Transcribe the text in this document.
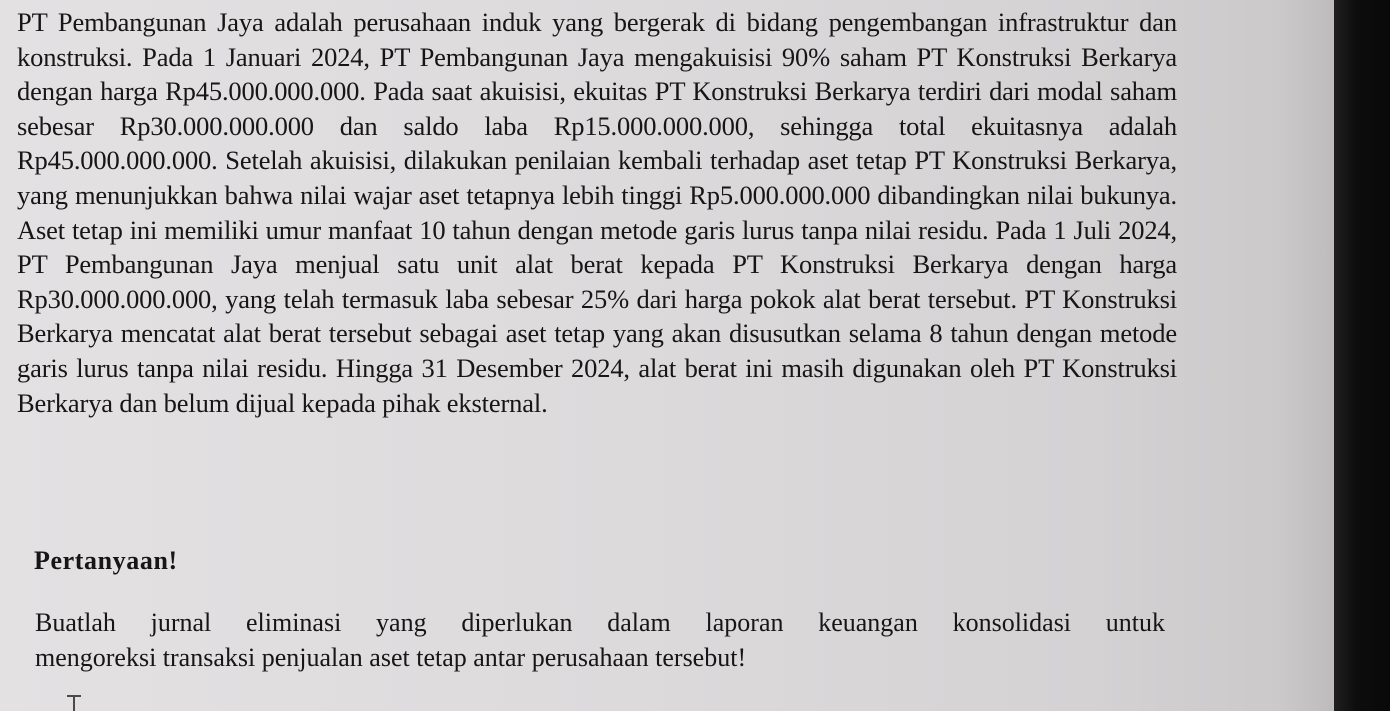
PT Pembangunan Jaya adalah perusahaan induk yang bergerak di bidang pengembangan infrastruktur dan konstruksi. Pada 1 Januari 2024, PT Pembangunan Jaya mengakuisisi 90% saham PT Konstruksi Berkarya dengan harga Rp45.000.000.000. Pada saat akuisisi, ekuitas PT Konstruksi Berkarya terdiri dari modal saham sebesar Rp30.000.000.000 dan saldo laba Rp15.000.000.000, sehingga total ekuitasnya adalah Rp45.000.000.000. Setelah akuisisi, dilakukan penilaian kembali terhadap aset tetap PT Konstruksi Berkarya, yang menunjukkan bahwa nilai wajar aset tetapnya lebih tinggi Rp5.000.000.000 dibandingkan nilai bukunya. Aset tetap ini memiliki umur manfaat 10 tahun dengan metode garis lurus tanpa nilai residu. Pada 1 Juli 2024, PT Pembangunan Jaya menjual satu unit alat berat kepada PT Konstruksi Berkarya dengan harga Rp30.000.000.000, yang telah termasuk laba sebesar 25% dari harga pokok alat berat tersebut. PT Konstruksi Berkarya mencatat alat berat tersebut sebagai aset tetap yang akan disusutkan selama 8 tahun dengan metode garis lurus tanpa nilai residu. Hingga 31 Desember 2024, alat berat ini masih digunakan oleh PT Konstruksi Berkarya dan belum dijual kepada pihak eksternal.

Pertanyaan!

Buatlah jurnal eliminasi yang diperlukan dalam laporan keuangan konsolidasi untuk
mengoreksi transaksi penjualan aset tetap antar perusahaan tersebut!
